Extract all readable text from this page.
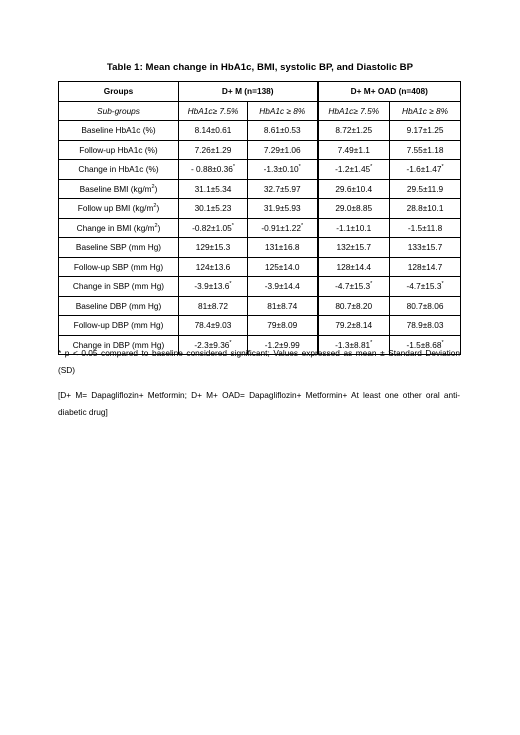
Table 1: Mean change in HbA1c, BMI, systolic BP, and Diastolic BP
Groups	D+ M (n=138)		D+ M+ OAD (n=408)	
Sub-groups	HbA1c≥ 7.5%	HbA1c ≥ 8%	HbA1c≥ 7.5%	HbA1c ≥ 8%
Baseline HbA1c (%)	8.14±0.61	8.61±0.53	8.72±1.25	9.17±1.25
Follow-up HbA1c (%)	7.26±1.29	7.29±1.06	7.49±1.1	7.55±1.18
Change in HbA1c (%)	- 0.88±0.36*	-1.3±0.10*	-1.2±1.45*	-1.6±1.47*
Baseline BMI $(kg/m^2)$	31.1±5.34	32.7±5.97	29.6±10.4	29.5±11.9
Follow up BMI $(kg/m^2)$	30.1±5.23	31.9±5.93	29.0±8.85	28.8±10.1
Change in BMI $(kg/m^2)$	-0.82±1.05*	-0.91±1.22*	-1.1±10.1	-1.5±11.8
Baseline SBP (mm Hg)	129±15.3	131±16.8	132±15.7	133±15.7
Follow-up SBP (mm Hg)	124±13.6	125±14.0	128±14.4	128±14.7
Change in SBP (mm Hg)	-3.9±13.6*	-3.9±14.4	-4.7±15.3*	-4.7±15.3*
Baseline DBP (mm Hg)	81±8.72	81±8.74	80.7±8.20	80.7±8.06
Follow-up DBP (mm Hg)	78.4±9.03	79±8.09	79.2±8.14	78.9±8.03
Change in DBP (mm Hg)	-2.3±9.36*	-1.2±9.99	-1.3±8.81*	-1.5±8.68*

* p < 0.05 compared to baseline considered significant; Values expressed as mean ± Standard Deviation (SD)

[D+ M= Dapagliflozin+ Metformin; D+ M+ OAD= Dapagliflozin+ Metformin+ At least one other oral anti-diabetic drug]
